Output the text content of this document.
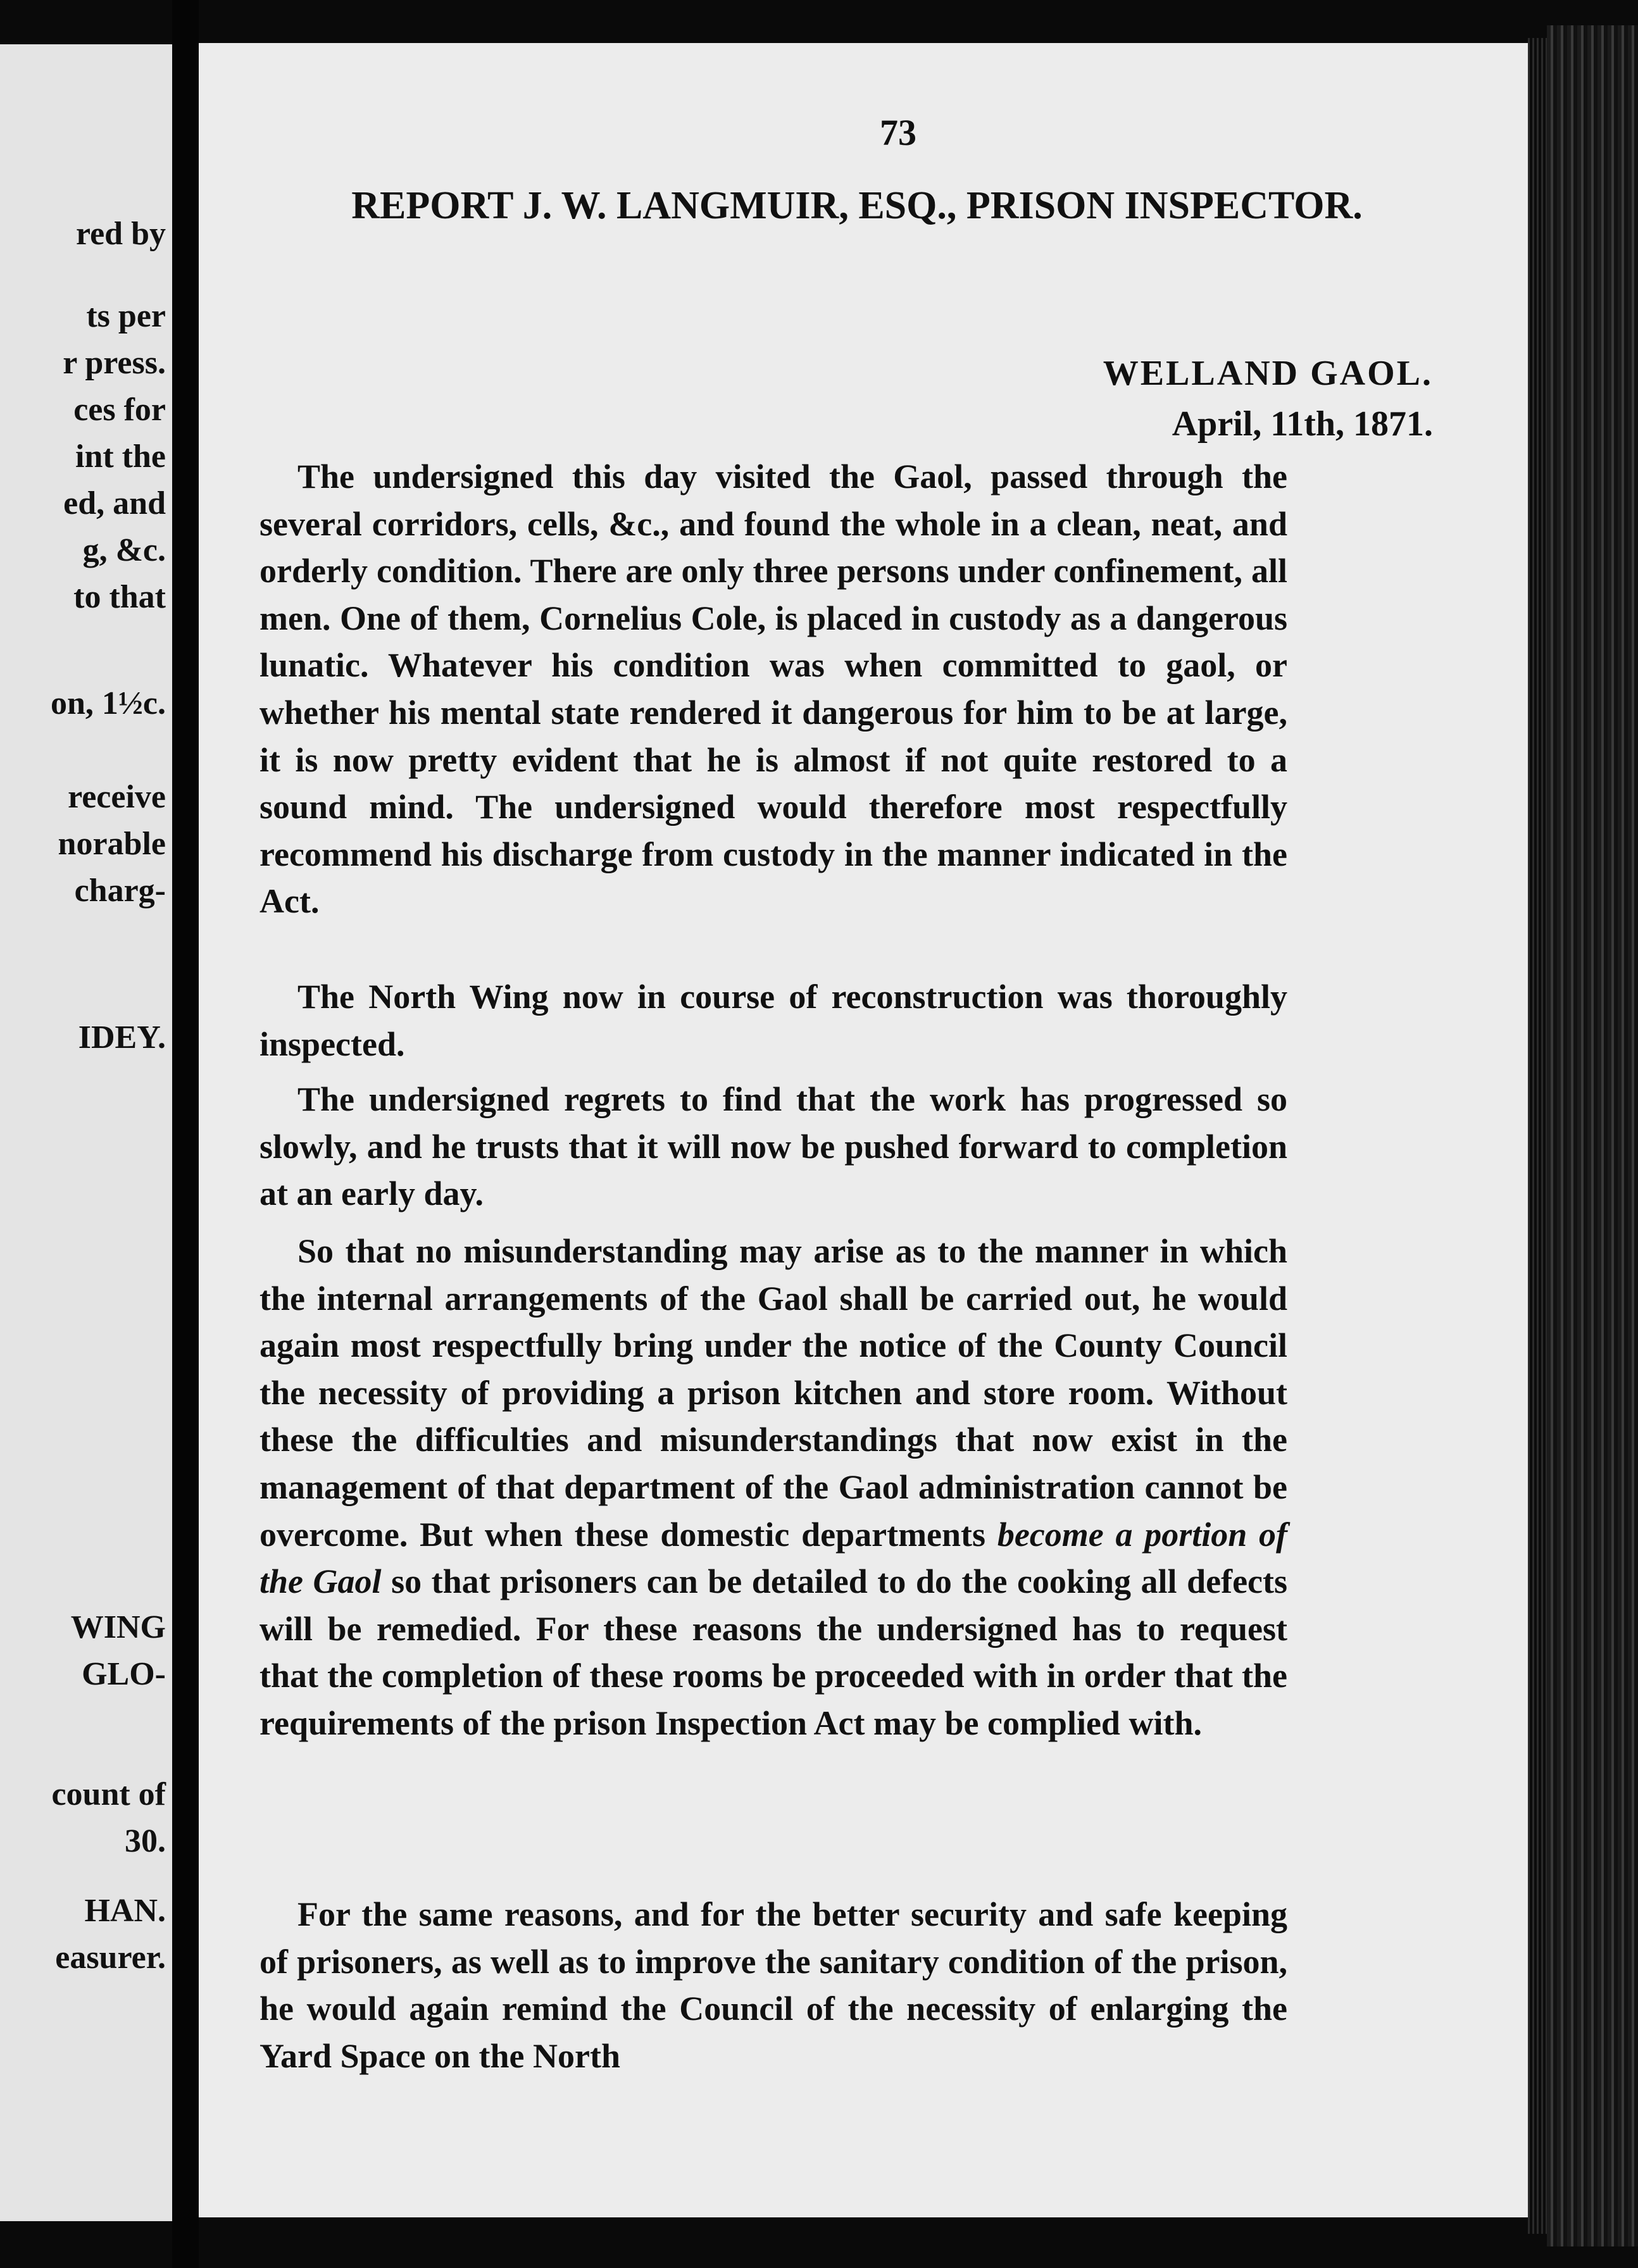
red by
ts per
r press.
ces for
int the
ed, and
g, &c.
to that
on, 1½c.
receive
norable
charg-
IDEY.
WING
GLO-
count of
30.
HAN.
easurer.
73
REPORT J. W. LANGMUIR, ESQ., PRISON INSPECTOR.
WELLAND GAOL.
April, 11th, 1871.

The undersigned this day visited the Gaol, passed through the several corridors, cells, &c., and found the whole in a clean, neat, and orderly condition. There are only three persons under confinement, all men. One of them, Cornelius Cole, is placed in custody as a dangerous lunatic. Whatever his condition was when committed to gaol, or whether his mental state rendered it dangerous for him to be at large, it is now pretty evident that he is almost if not quite restored to a sound mind. The undersigned would therefore most respectfully recommend his discharge from custody in the manner indicated in the Act.

The North Wing now in course of reconstruction was thoroughly inspected.

The undersigned regrets to find that the work has progressed so slowly, and he trusts that it will now be pushed forward to completion at an early day.

So that no misunderstanding may arise as to the manner in which the internal arrangements of the Gaol shall be carried out, he would again most respectfully bring under the notice of the County Council the necessity of providing a prison kitchen and store room. Without these the difficulties and misunderstandings that now exist in the management of that department of the Gaol administration cannot be overcome. But when these domestic departments become a portion of the Gaol so that prisoners can be detailed to do the cooking all defects will be remedied. For these reasons the undersigned has to request that the completion of these rooms be proceeded with in order that the requirements of the prison Inspection Act may be complied with.

For the same reasons, and for the better security and safe keeping of prisoners, as well as to improve the sanitary condition of the prison, he would again remind the Council of the necessity of enlarging the Yard Space on the North
